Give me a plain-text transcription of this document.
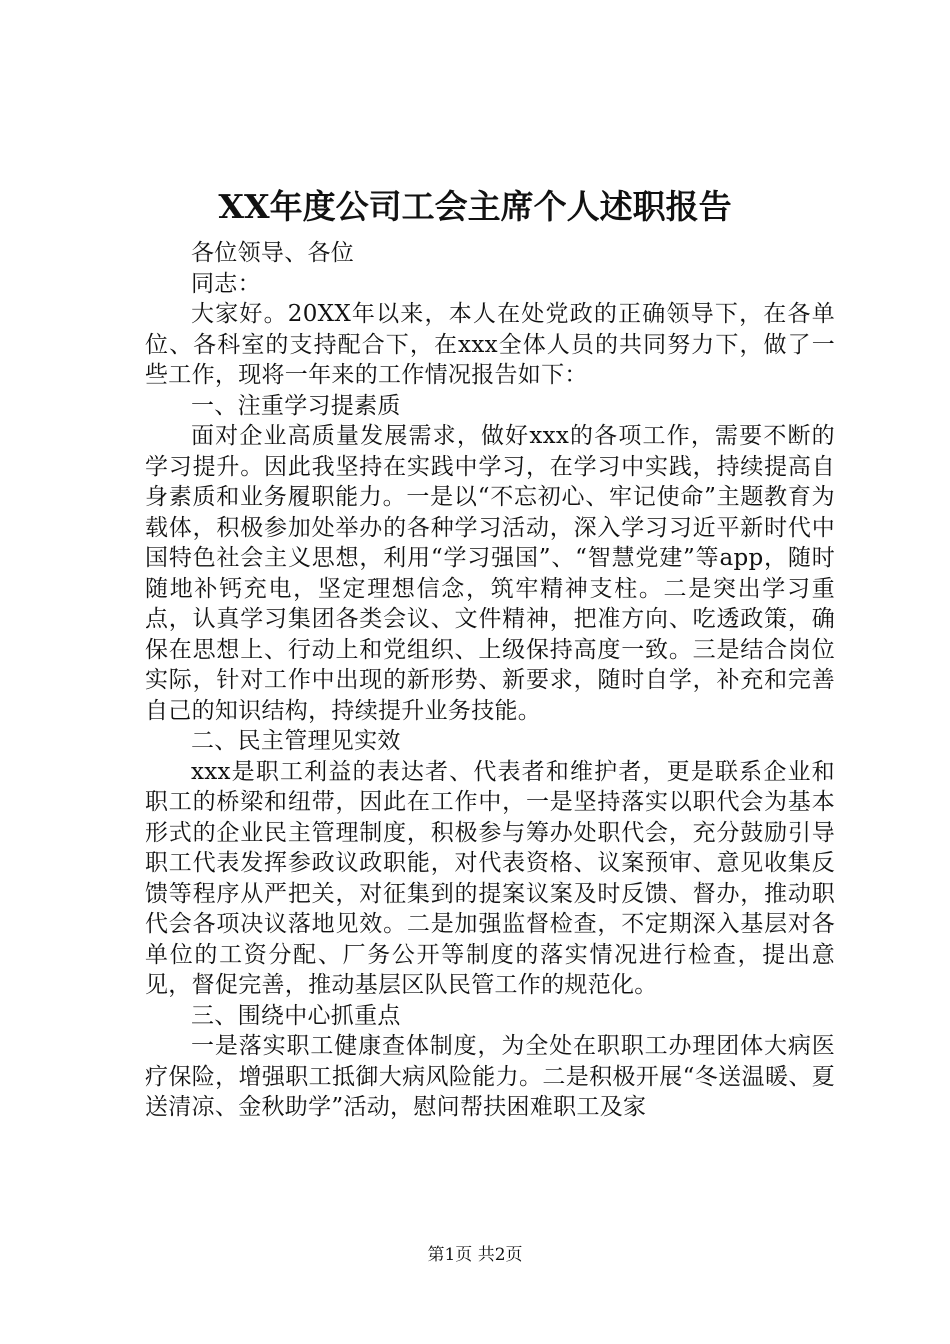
XX年度公司工会主席个人述职报告

各位领导、各位

同志：

大家好。20XX年以来，本人在处党政的正确领导下，在各单位、各科室的支持配合下，在xxx全体人员的共同努力下，做了一些工作，现将一年来的工作情况报告如下：

一、注重学习提素质

面对企业高质量发展需求，做好xxx的各项工作，需要不断的学习提升。因此我坚持在实践中学习，在学习中实践，持续提高自身素质和业务履职能力。一是以“不忘初心、牢记使命”主题教育为载体，积极参加处举办的各种学习活动，深入学习习近平新时代中国特色社会主义思想，利用“学习强国”、“智慧党建”等app，随时随地补钙充电，坚定理想信念，筑牢精神支柱。二是突出学习重点，认真学习集团各类会议、文件精神，把准方向、吃透政策，确保在思想上、行动上和党组织、上级保持高度一致。三是结合岗位实际，针对工作中出现的新形势、新要求，随时自学，补充和完善自己的知识结构，持续提升业务技能。

二、民主管理见实效

xxx是职工利益的表达者、代表者和维护者，更是联系企业和职工的桥梁和纽带，因此在工作中，一是坚持落实以职代会为基本形式的企业民主管理制度，积极参与筹办处职代会，充分鼓励引导职工代表发挥参政议政职能，对代表资格、议案预审、意见收集反馈等程序从严把关，对征集到的提案议案及时反馈、督办，推动职代会各项决议落地见效。二是加强监督检查，不定期深入基层对各单位的工资分配、厂务公开等制度的落实情况进行检查，提出意见，督促完善，推动基层区队民管工作的规范化。

三、围绕中心抓重点

一是落实职工健康查体制度，为全处在职职工办理团体大病医疗保险，增强职工抵御大病风险能力。二是积极开展“冬送温暖、夏送清凉、金秋助学”活动，慰问帮扶困难职工及家

第1页 共2页
